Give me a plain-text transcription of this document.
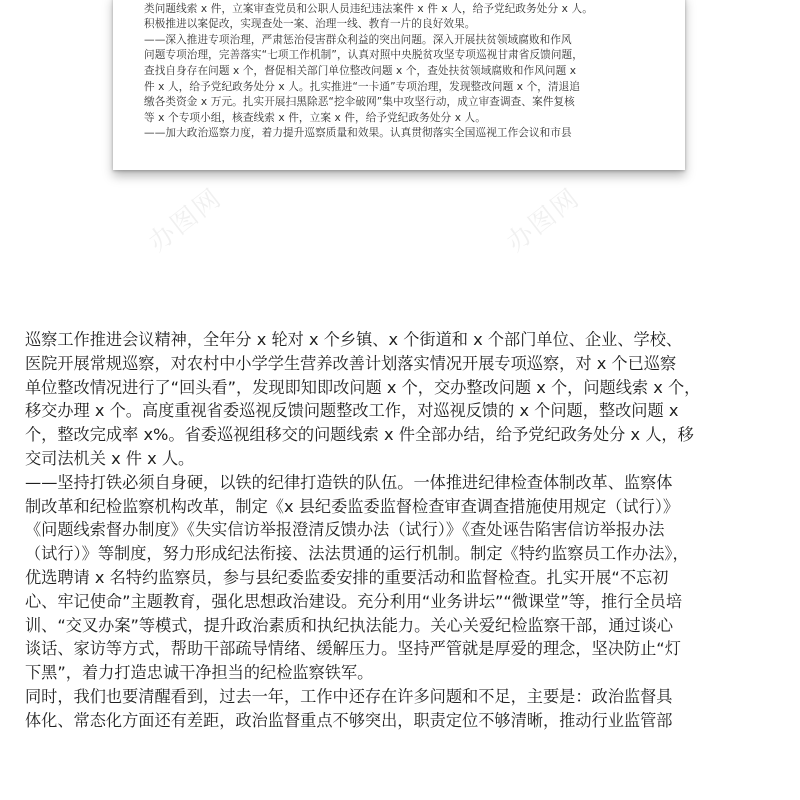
类问题线索 x 件，立案审查党员和公职人员违纪违法案件 x 件 x 人，给予党纪政务处分 x 人。

积极推进以案促改，实现查处一案、治理一线、教育一片的良好效果。

——深入推进专项治理，严肃惩治侵害群众利益的突出问题。深入开展扶贫领域腐败和作风

问题专项治理，完善落实“七项工作机制”，认真对照中央脱贫攻坚专项巡视甘肃省反馈问题，

查找自身存在问题 x 个，督促相关部门单位整改问题 x 个，查处扶贫领域腐败和作风问题 x

件 x 人，给予党纪政务处分 x 人。扎实推进“一卡通”专项治理，发现整改问题 x 个，清退追

缴各类资金 x 万元。扎实开展扫黑除恶“挖伞破网”集中攻坚行动，成立审查调查、案件复核

等 x 个专项小组，核查线索 x 件，立案 x 件，给予党纪政务处分 x 人。

——加大政治巡察力度，着力提升巡察质量和效果。认真贯彻落实全国巡视工作会议和市县

办图网	办图网

巡察工作推进会议精神，全年分 x 轮对 x 个乡镇、x 个街道和 x 个部门单位、企业、学校、

医院开展常规巡察，对农村中小学学生营养改善计划落实情况开展专项巡察，对 x 个已巡察

单位整改情况进行了“回头看”，发现即知即改问题 x 个，交办整改问题 x 个，问题线索 x 个，

移交办理 x 个。高度重视省委巡视反馈问题整改工作，对巡视反馈的 x 个问题，整改问题 x

个，整改完成率 x%。省委巡视组移交的问题线索 x 件全部办结，给予党纪政务处分 x 人，移

交司法机关 x 件 x 人。

——坚持打铁必须自身硬，以铁的纪律打造铁的队伍。一体推进纪律检查体制改革、监察体

制改革和纪检监察机构改革，制定《x 县纪委监委监督检查审查调查措施使用规定（试行）》

《问题线索督办制度》《失实信访举报澄清反馈办法（试行）》《查处诬告陷害信访举报办法

（试行）》等制度，努力形成纪法衔接、法法贯通的运行机制。制定《特约监察员工作办法》，

优选聘请 x 名特约监察员，参与县纪委监委安排的重要活动和监督检查。扎实开展“不忘初

心、牢记使命”主题教育，强化思想政治建设。充分利用“业务讲坛”“微课堂”等，推行全员培

训、“交叉办案”等模式，提升政治素质和执纪执法能力。关心关爱纪检监察干部，通过谈心

谈话、家访等方式，帮助干部疏导情绪、缓解压力。坚持严管就是厚爱的理念，坚决防止“灯

下黑”，着力打造忠诚干净担当的纪检监察铁军。

同时，我们也要清醒看到，过去一年，工作中还存在许多问题和不足，主要是：政治监督具

体化、常态化方面还有差距，政治监督重点不够突出，职责定位不够清晰，推动行业监管部
